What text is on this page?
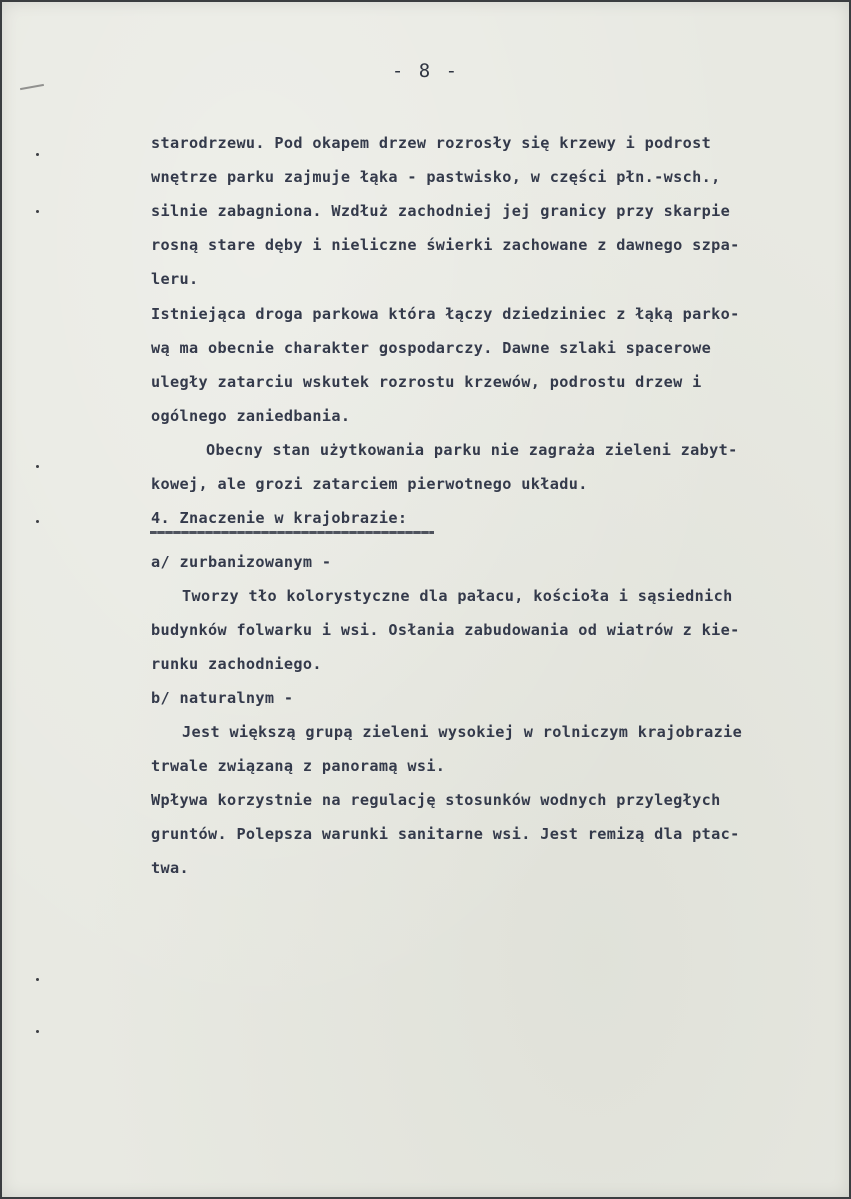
- 8 -
starodrzewu. Pod okapem drzew rozrosły się krzewy i podrost
wnętrze parku zajmuje łąka - pastwisko, w części płn.-wsch.,
silnie zabagniona. Wzdłuż zachodniej jej granicy przy skarpie
rosną stare dęby i nieliczne świerki zachowane z dawnego szpa-
leru.
Istniejąca droga parkowa która łączy dziedziniec z łąką parko-
wą ma obecnie charakter gospodarczy. Dawne szlaki spacerowe
uległy zatarciu wskutek rozrostu krzewów, podrostu drzew i
ogólnego zaniedbania.
Obecny stan użytkowania parku nie zagraża zieleni zabyt-
kowej, ale grozi zatarciem pierwotnego układu.
4. Znaczenie w krajobrazie:
a/ zurbanizowanym -
Tworzy tło kolorystyczne dla pałacu, kościoła i sąsiednich
budynków folwarku i wsi. Osłania zabudowania od wiatrów z kie-
runku zachodniego.
b/ naturalnym -
Jest większą grupą zieleni wysokiej w rolniczym krajobrazie
trwale związaną z panoramą wsi.
Wpływa korzystnie na regulację stosunków wodnych przyległych
gruntów. Polepsza warunki sanitarne wsi. Jest remizą dla ptac-
twa.
